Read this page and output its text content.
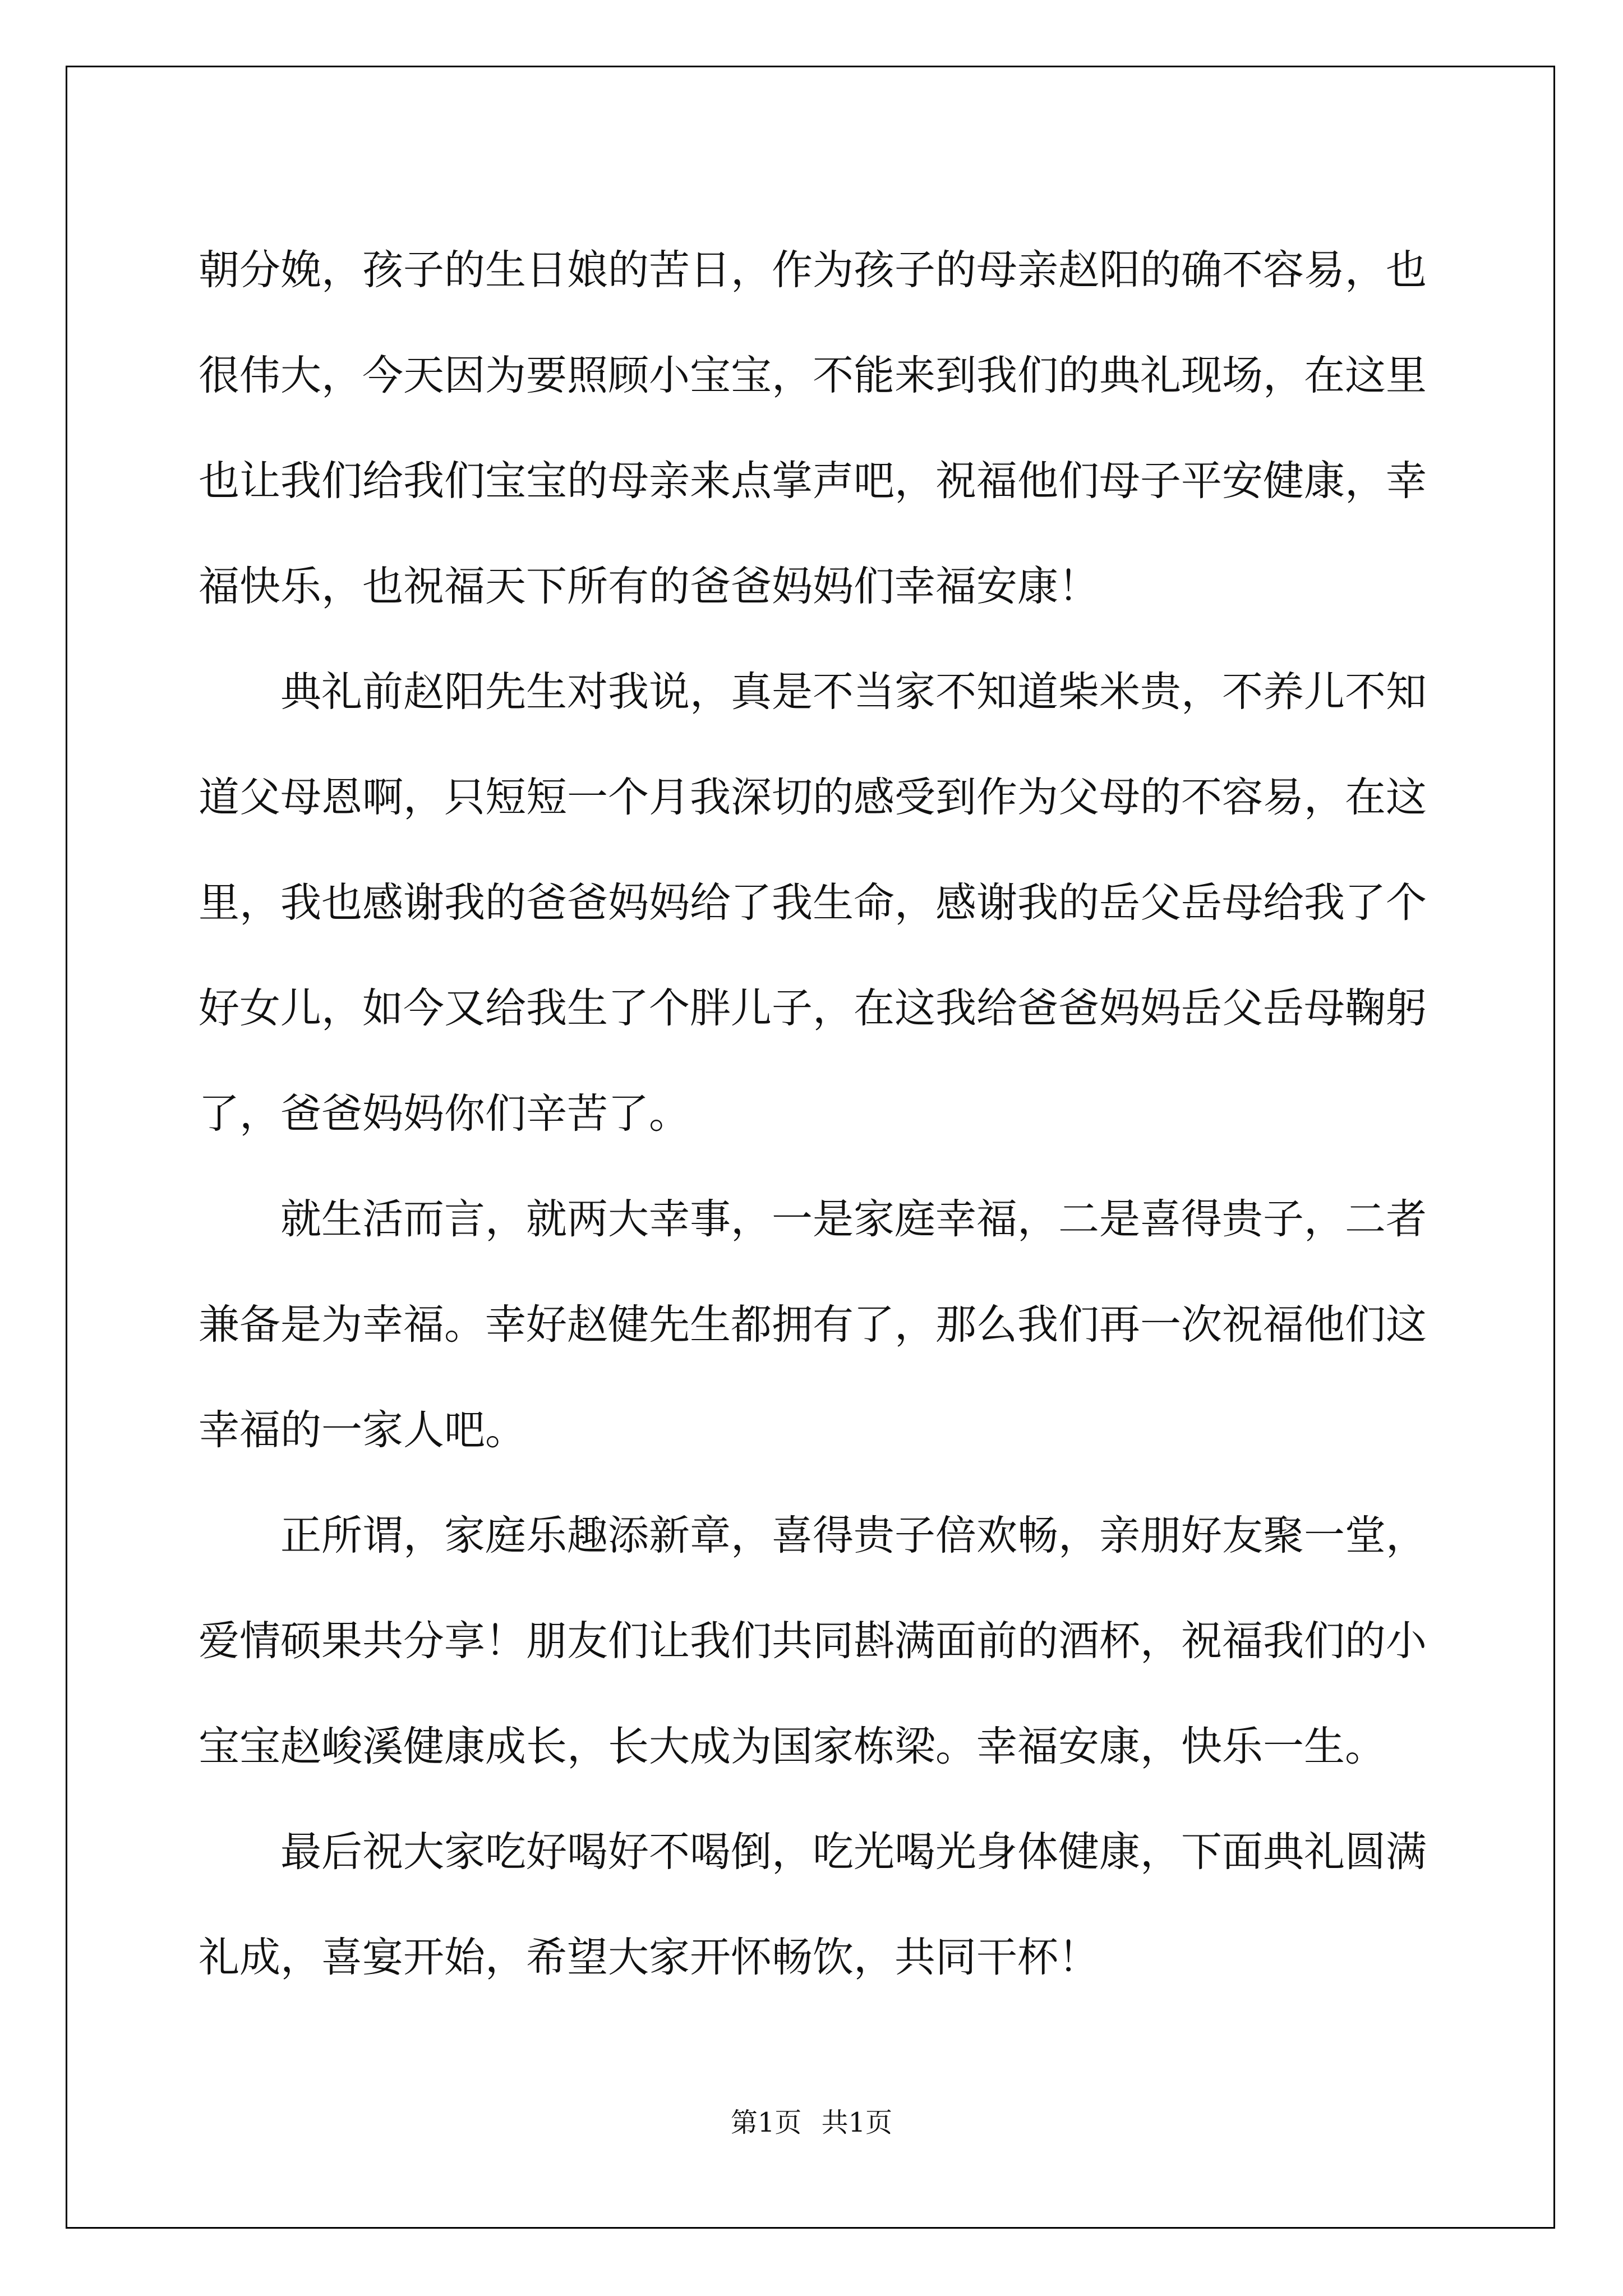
朝分娩，孩子的生日娘的苦日，作为孩子的母亲赵阳的确不容易，也很伟大，今天因为要照顾小宝宝，不能来到我们的典礼现场，在这里也让我们给我们宝宝的母亲来点掌声吧，祝福他们母子平安健康，幸福快乐，也祝福天下所有的爸爸妈妈们幸福安康！

典礼前赵阳先生对我说，真是不当家不知道柴米贵，不养儿不知道父母恩啊，只短短一个月我深切的感受到作为父母的不容易，在这里，我也感谢我的爸爸妈妈给了我生命，感谢我的岳父岳母给我了个好女儿，如今又给我生了个胖儿子，在这我给爸爸妈妈岳父岳母鞠躬了，爸爸妈妈你们辛苦了。

就生活而言，就两大幸事，一是家庭幸福，二是喜得贵子，二者兼备是为幸福。幸好赵健先生都拥有了，那么我们再一次祝福他们这幸福的一家人吧。

正所谓，家庭乐趣添新章，喜得贵子倍欢畅，亲朋好友聚一堂，爱情硕果共分享！朋友们让我们共同斟满面前的酒杯，祝福我们的小宝宝赵峻溪健康成长，长大成为国家栋梁。幸福安康，快乐一生。

最后祝大家吃好喝好不喝倒，吃光喝光身体健康，下面典礼圆满礼成，喜宴开始，希望大家开怀畅饮，共同干杯！

第1页 共1页
